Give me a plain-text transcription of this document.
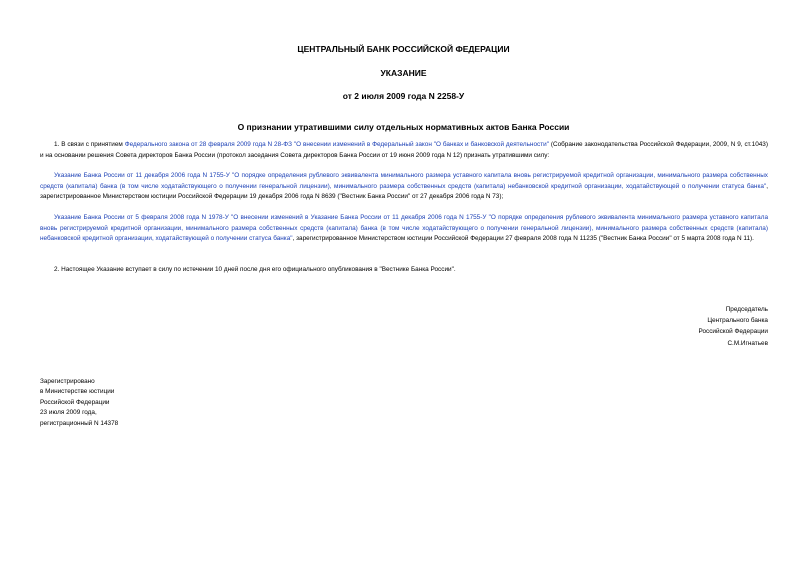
ЦЕНТРАЛЬНЫЙ БАНК РОССИЙСКОЙ ФЕДЕРАЦИИ
УКАЗАНИЕ
от 2 июля 2009 года N 2258-У
О признании утратившими силу отдельных нормативных актов Банка России
1. В связи с принятием Федерального закона от 28 февраля 2009 года N 28-ФЗ "О внесении изменений в Федеральный закон "О банках и банковской деятельности" (Собрание законодательства Российской Федерации, 2009, N 9, ст.1043) и на основании решения Совета директоров Банка России (протокол заседания Совета директоров Банка России от 19 июня 2009 года N 12) признать утратившими силу:
Указание Банка России от 11 декабря 2006 года N 1755-У "О порядке определения рублевого эквивалента минимального размера уставного капитала вновь регистрируемой кредитной организации, минимального размера собственных средств (капитала) банка (в том числе ходатайствующего о получении генеральной лицензии), минимального размера собственных средств (капитала) небанковской кредитной организации, ходатайствующей о получении статуса банка", зарегистрированное Министерством юстиции Российской Федерации 19 декабря 2006 года N 8639 ("Вестник Банка России" от 27 декабря 2006 года N 73);
Указание Банка России от 5 февраля 2008 года N 1978-У "О внесении изменений в Указание Банка России от 11 декабря 2006 года N 1755-У "О порядке определения рублевого эквивалента минимального размера уставного капитала вновь регистрируемой кредитной организации, минимального размера собственных средств (капитала) банка (в том числе ходатайствующего о получении генеральной лицензии), минимального размера собственных средств (капитала) небанковской кредитной организации, ходатайствующей о получении статуса банка", зарегистрированное Министерством юстиции Российской Федерации 27 февраля 2008 года N 11235 ("Вестник Банка России" от 5 марта 2008 года N 11).
2. Настоящее Указание вступает в силу по истечении 10 дней после дня его официального опубликования в "Вестнике Банка России".
Председатель
Центрального банка
Российской Федерации
С.М.Игнатьев
Зарегистрировано
в Министерстве юстиции
Российской Федерации
23 июля 2009 года,
регистрационный N 14378
